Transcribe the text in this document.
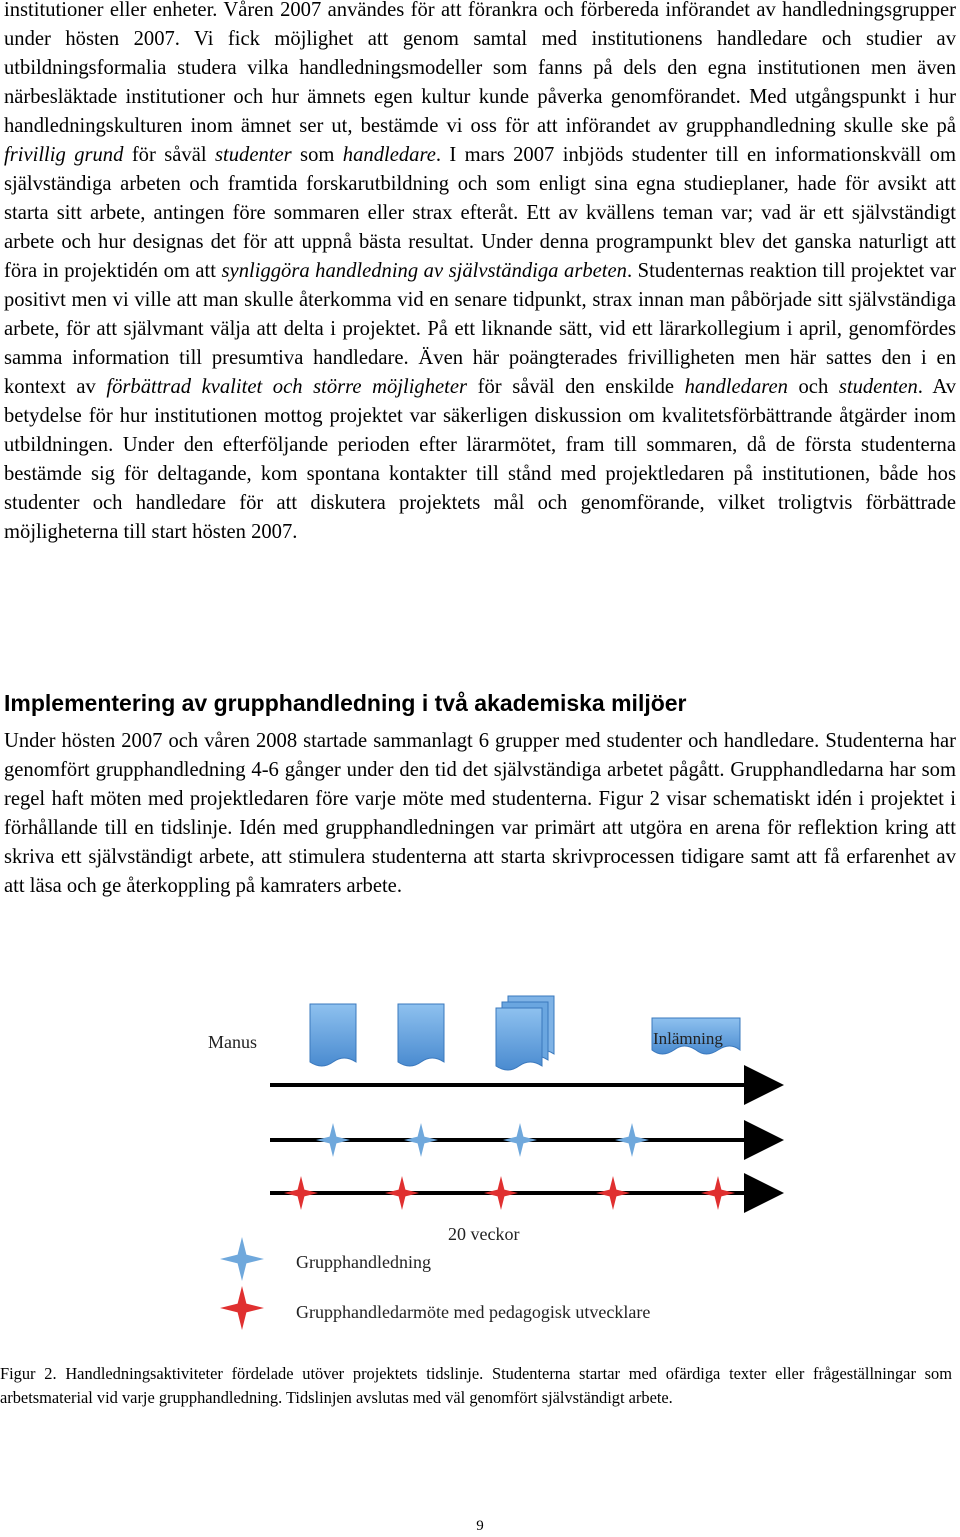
institutioner eller enheter. Våren 2007 användes för att förankra och förbereda införandet av handledningsgrupper under hösten 2007. Vi fick möjlighet att genom samtal med institutionens handledare och studier av utbildningsformalia studera vilka handledningsmodeller som fanns på dels den egna institutionen men även närbesläktade institutioner och hur ämnets egen kultur kunde påverka genomförandet. Med utgångspunkt i hur handledningskulturen inom ämnet ser ut, bestämde vi oss för att införandet av grupphandledning skulle ske på frivillig grund för såväl studenter som handledare. I mars 2007 inbjöds studenter till en informationskväll om självständiga arbeten och framtida forskarutbildning och som enligt sina egna studieplaner, hade för avsikt att starta sitt arbete, antingen före sommaren eller strax efteråt. Ett av kvällens teman var; vad är ett självständigt arbete och hur designas det för att uppnå bästa resultat. Under denna programpunkt blev det ganska naturligt att föra in projektidén om att synliggöra handledning av självständiga arbeten. Studenternas reaktion till projektet var positivt men vi ville att man skulle återkomma vid en senare tidpunkt, strax innan man påbörjade sitt självständiga arbete, för att självmant välja att delta i projektet. På ett liknande sätt, vid ett lärarkollegium i april, genomfördes samma information till presumtiva handledare. Även här poängterades frivilligheten men här sattes den i en kontext av förbättrad kvalitet och större möjligheter för såväl den enskilde handledaren och studenten. Av betydelse för hur institutionen mottog projektet var säkerligen diskussion om kvalitetsförbättrande åtgärder inom utbildningen. Under den efterföljande perioden efter lärarmötet, fram till sommaren, då de första studenterna bestämde sig för deltagande, kom spontana kontakter till stånd med projektledaren på institutionen, både hos studenter och handledare för att diskutera projektets mål och genomförande, vilket troligtvis förbättrade möjligheterna till start hösten 2007.

Implementering av grupphandledning i två akademiska miljöer

Under hösten 2007 och våren 2008 startade sammanlagt 6 grupper med studenter och handledare. Studenterna har genomfört grupphandledning 4-6 gånger under den tid det självständiga arbetet pågått. Grupphandledarna har som regel haft möten med projektledaren före varje möte med studenterna. Figur 2 visar schematiskt idén i projektet i förhållande till en tidslinje. Idén med grupphandledningen var primärt att utgöra en arena för reflektion kring att skriva ett självständigt arbete, att stimulera studenterna att starta skrivprocessen tidigare samt att få erfarenhet av att läsa och ge återkoppling på kamraters arbete.

Manus	Inlämning
20 veckor
Grupphandledning
Grupphandledarmöte med pedagogisk utvecklare

Figur 2. Handledningsaktiviteter fördelade utöver projektets tidslinje. Studenterna startar med ofärdiga texter eller frågeställningar som arbetsmaterial vid varje grupphandledning. Tidslinjen avslutas med väl genomfört självständigt arbete.

9
